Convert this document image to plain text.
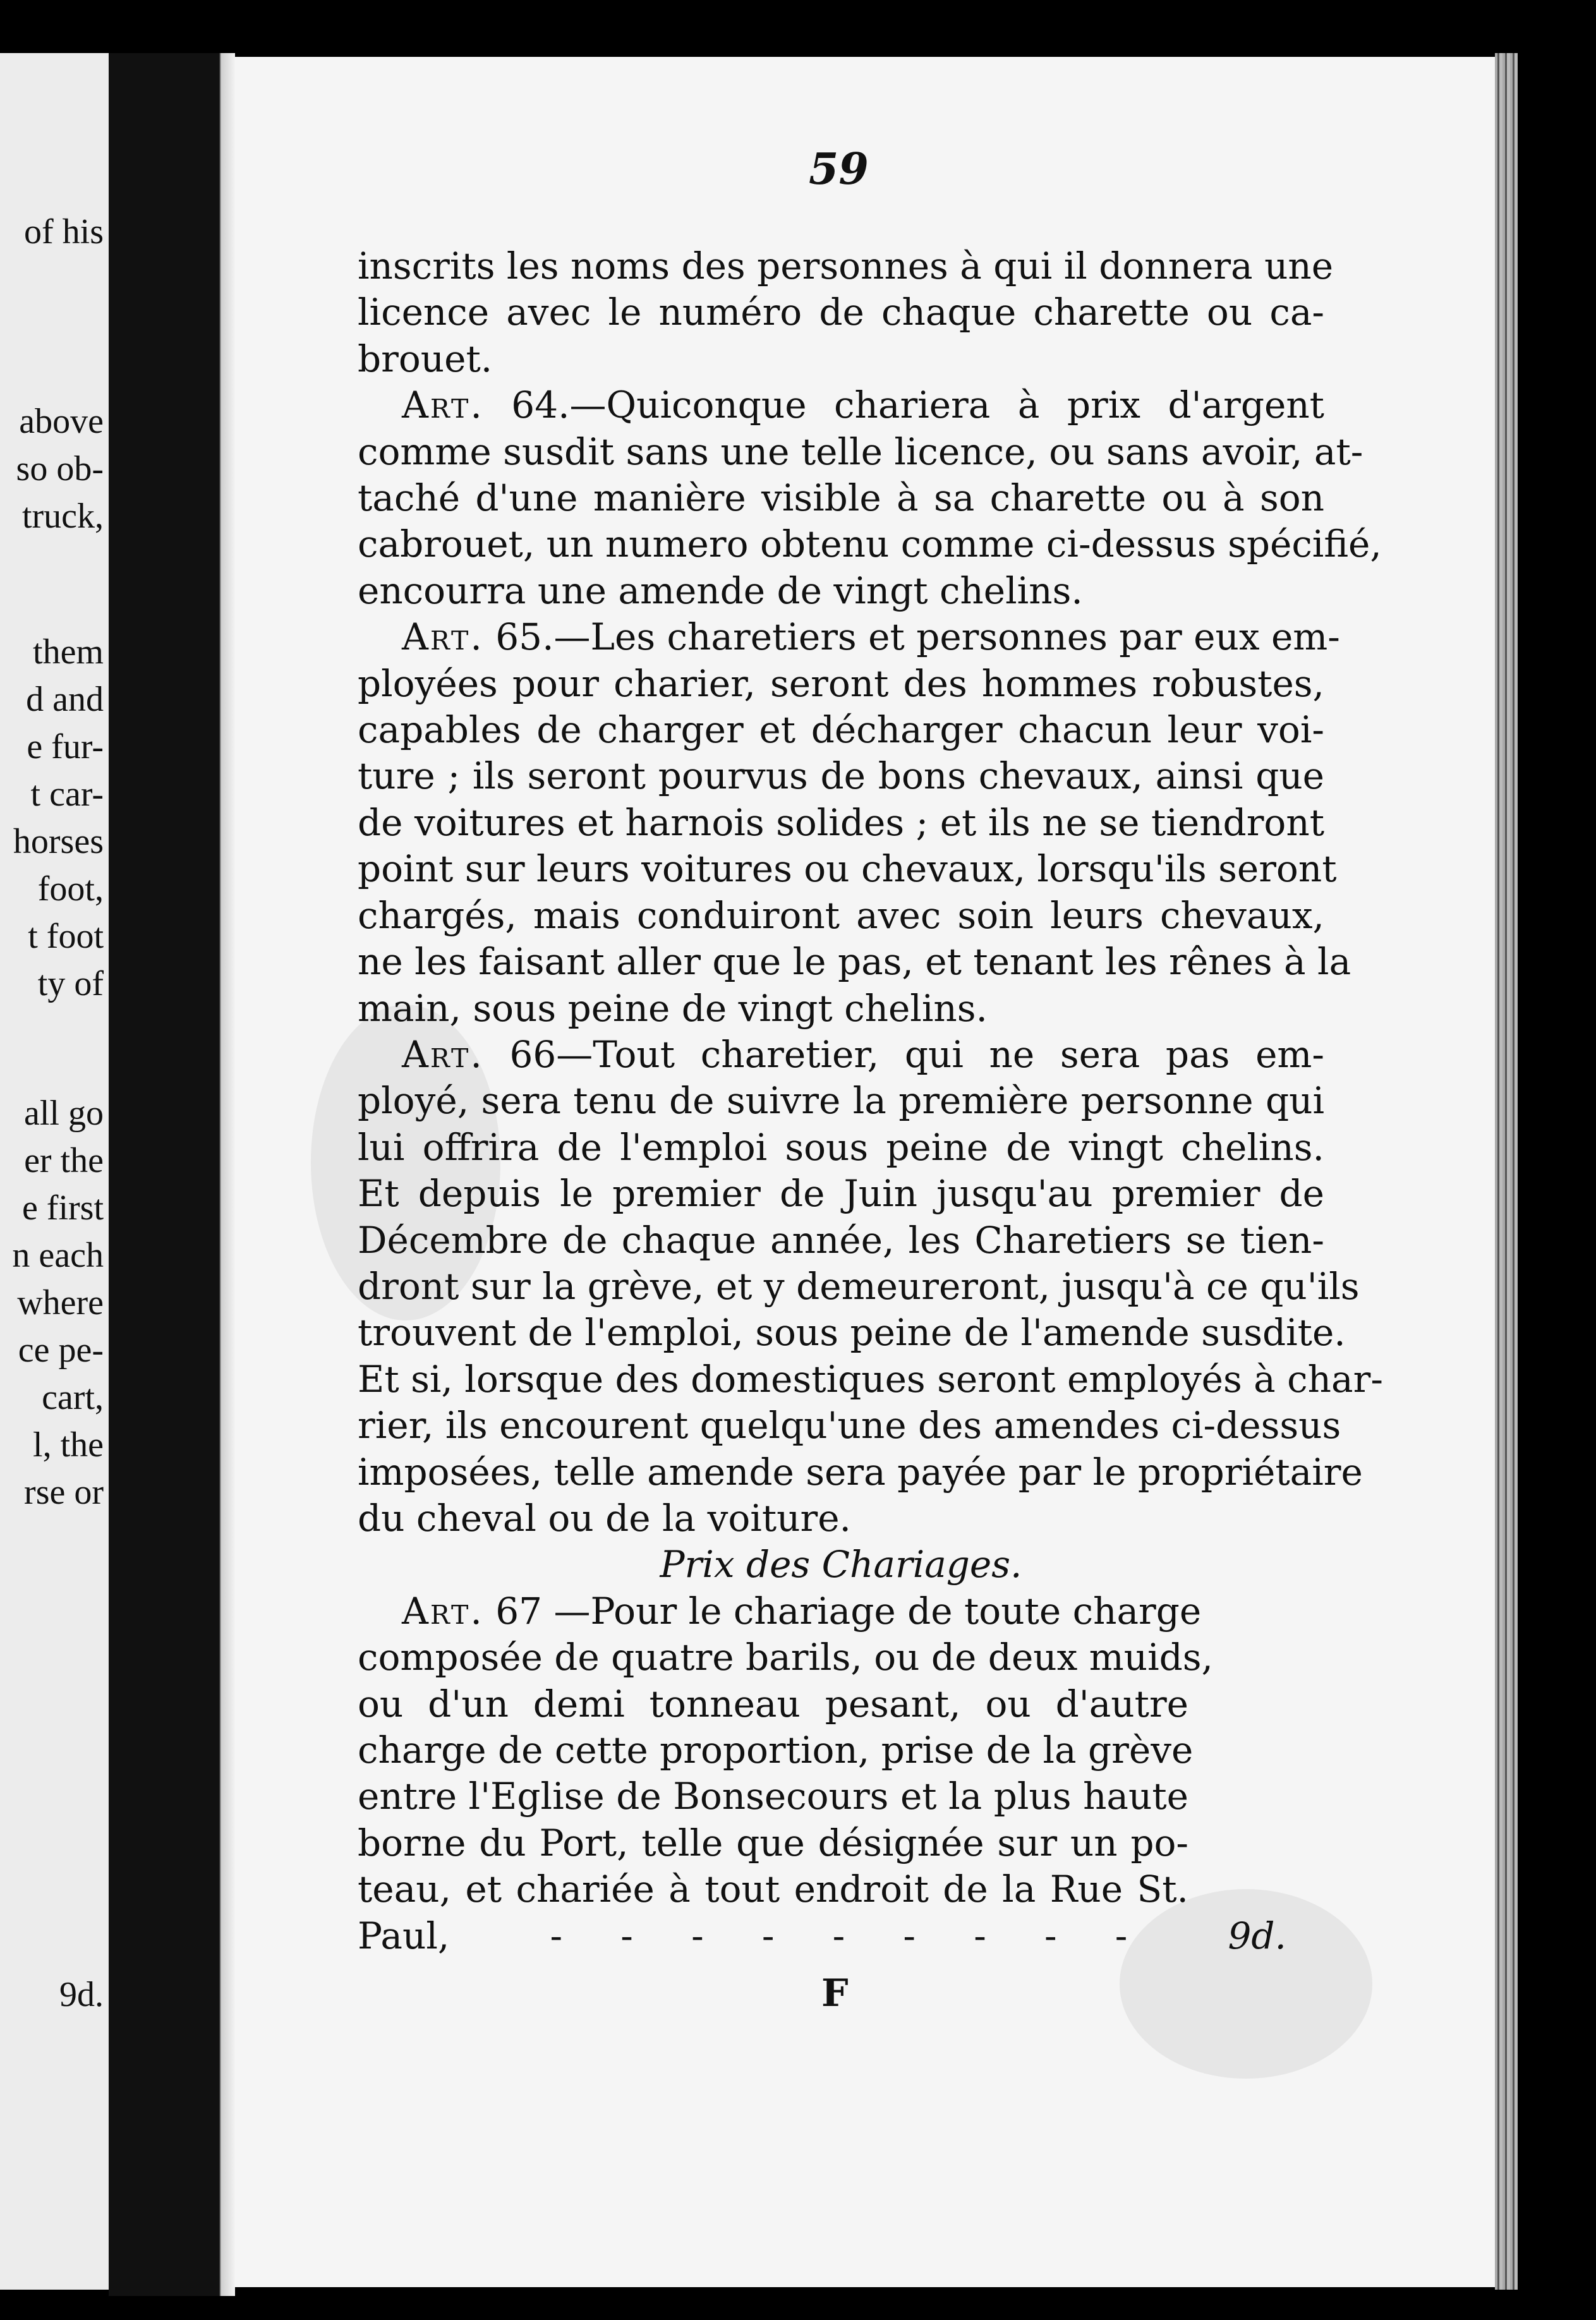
of his
above
so ob-
truck,
them
d and
e fur-
t car-
horses
foot,
t foot
ty of
all go
er the
e first
n each
where
ce pe-
cart,
l, the
rse or
9d.
59
inscrits les noms des personnes à qui il donnera une
licence avec le numéro de chaque charette ou ca-
brouet.
Art. 64.—Quiconque chariera à prix d'argent
comme susdit sans une telle licence, ou sans avoir, at-
taché d'une manière visible à sa charette ou à son
cabrouet, un numero obtenu comme ci-dessus spécifié,
encourra une amende de vingt chelins.
Art. 65.—Les charetiers et personnes par eux em-
ployées pour charier, seront des hommes robustes,
capables de charger et décharger chacun leur voi-
ture ; ils seront pourvus de bons chevaux, ainsi que
de voitures et harnois solides ; et ils ne se tiendront
point sur leurs voitures ou chevaux, lorsqu'ils seront
chargés, mais conduiront avec soin leurs chevaux,
ne les faisant aller que le pas, et tenant les rênes à la
main, sous peine de vingt chelins.
Art. 66—Tout charetier, qui ne sera pas em-
ployé, sera tenu de suivre la première personne qui
lui offrira de l'emploi sous peine de vingt chelins.
Et depuis le premier de Juin jusqu'au premier de
Décembre de chaque année, les Charetiers se tien-
dront sur la grève, et y demeureront, jusqu'à ce qu'ils
trouvent de l'emploi, sous peine de l'amende susdite.
Et si, lorsque des domestiques seront employés à char-
rier, ils encourent quelqu'une des amendes ci-dessus
imposées, telle amende sera payée par le propriétaire
du cheval ou de la voiture.
Prix des Chariages.
Art. 67 —Pour le chariage de toute charge
composée de quatre barils, ou de deux muids,
ou d'un demi tonneau pesant, ou d'autre
charge de cette proportion, prise de la grève
entre l'Eglise de Bonsecours et la plus haute
borne du Port, telle que désignée sur un po-
teau, et chariée à tout endroit de la Rue St.
Paul,	-     -     -     -     -     -     -     -     -	9d.
F
